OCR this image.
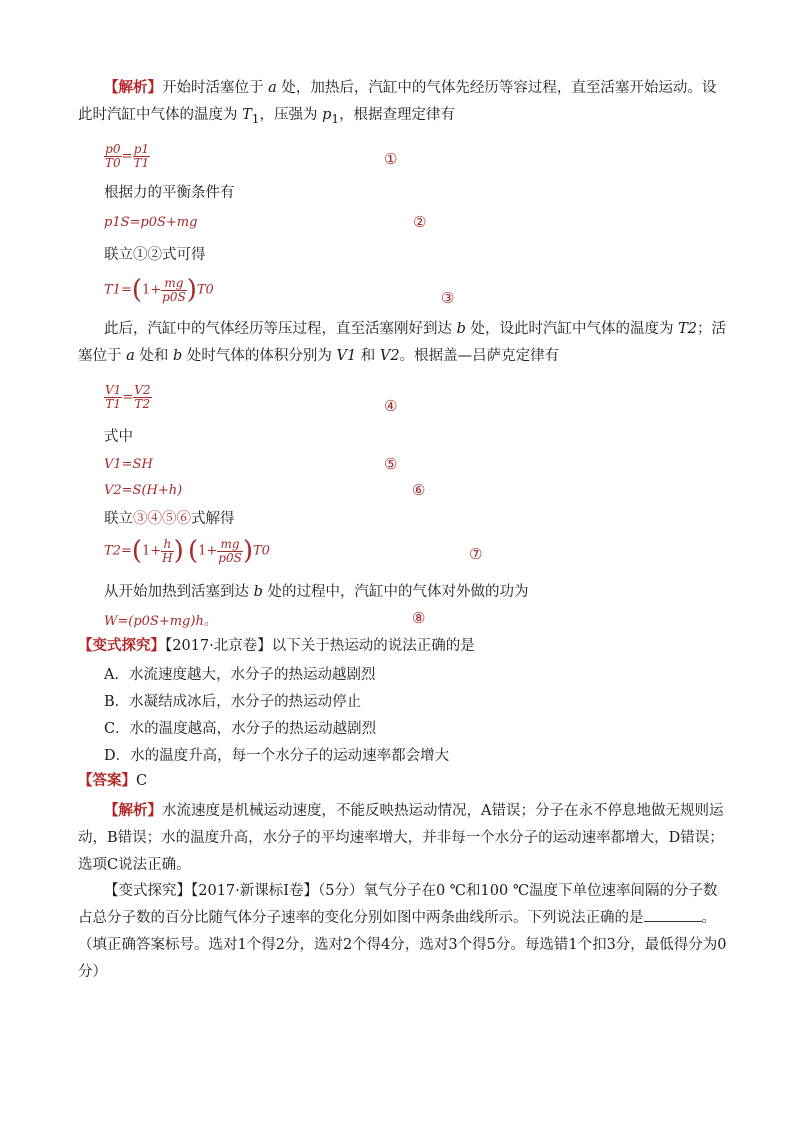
【解析】开始时活塞位于 a 处，加热后，汽缸中的气体先经历等容过程，直至活塞开始运动。设此时汽缸中气体的温度为 $T_1$，压强为 $p_1$，根据查理定律有
$\frac{p0}{T0} = \frac{p1}{T1}$	①
根据力的平衡条件有
p1S=p0S+mg	②
联立①②式可得
$T1=(1+ \frac{mg}{p0S} )T0$	③
此后，汽缸中的气体经历等压过程，直至活塞刚好到达 b 处，设此时汽缸中气体的温度为 T2；活塞位于 a 处和 b 处时气体的体积分别为 V1 和 V2。根据盖—吕萨克定律有
$\frac{V1}{T1} = \frac{V2}{T2}$	④
式中
V1=SH	⑤
V2=S(H+h)	⑥
联立③④⑤⑥式解得
$T2=(1+ \frac{h}{H}$ ) $(1+ \frac{mg}{p0S} )T0$	⑦
从开始加热到活塞到达 b 处的过程中，汽缸中的气体对外做的功为
W=(p0S+mg)h。	⑧
【变式探究】【2017·北京卷】以下关于热运动的说法正确的是
A．水流速度越大，水分子的热运动越剧烈
B．水凝结成冰后，水分子的热运动停止
C．水的温度越高，水分子的热运动越剧烈
D．水的温度升高，每一个水分子的运动速率都会增大
【答案】C
【解析】水流速度是机械运动速度，不能反映热运动情况，A错误；分子在永不停息地做无规则运动，B错误；水的温度升高，水分子的平均速率增大，并非每一个水分子的运动速率都增大，D错误；选项C说法正确。
【变式探究】【2017·新课标Ⅰ卷】（5分）氧气分子在0 ℃和100 ℃温度下单位速率间隔的分子数占总分子数的百分比随气体分子速率的变化分别如图中两条曲线所示。下列说法正确的是	。（填正确答案标号。选对1个得2分，选对2个得4分，选对3个得5分。每选错1个扣3分，最低得分为0分）
